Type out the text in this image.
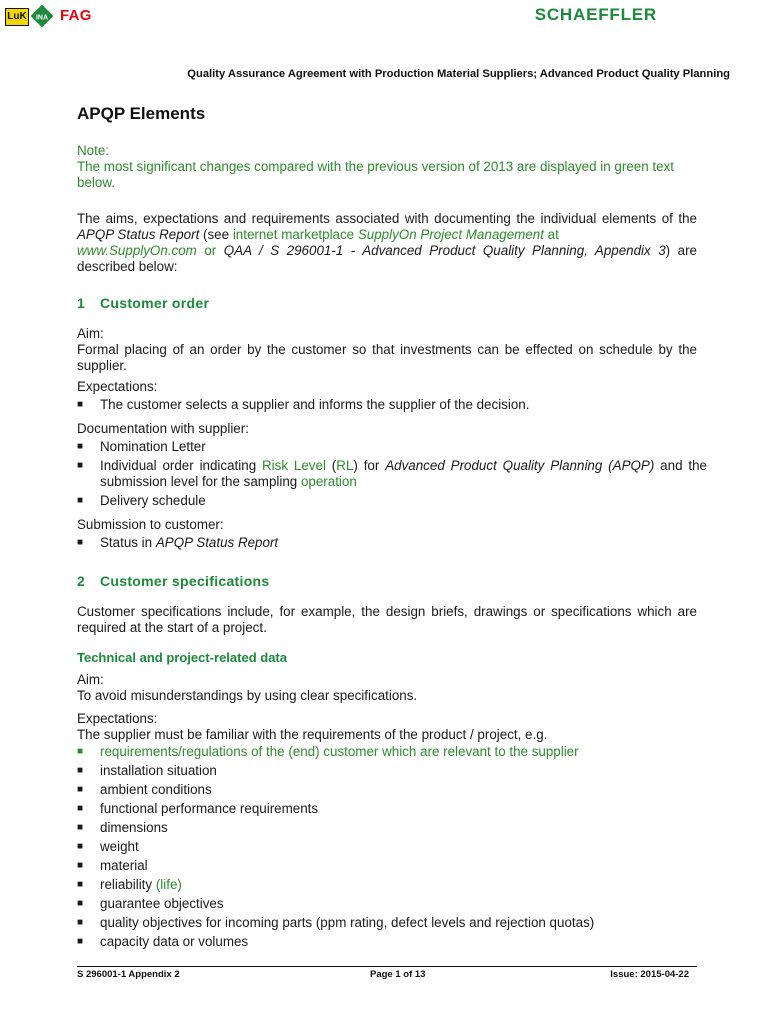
LuK	INA FAG	SCHAEFFLER
Quality Assurance Agreement with Production Material Suppliers; Advanced Product Quality Planning
APQP Elements
Note:
The most significant changes compared with the previous version of 2013 are displayed in green text below.
The aims, expectations and requirements associated with documenting the individual elements of the APQP Status Report (see internet marketplace SupplyOn Project Management at
www.SupplyOn.com or QAA / S 296001-1 - Advanced Product Quality Planning, Appendix 3) are described below:
1 Customer order
Aim:
Formal placing of an order by the customer so that investments can be effected on schedule by the supplier.
Expectations:
■ The customer selects a supplier and informs the supplier of the decision.
Documentation with supplier:
■ Nomination Letter
■ Individual order indicating Risk Level (RL) for Advanced Product Quality Planning (APQP) and the submission level for the sampling operation
■ Delivery schedule
Submission to customer:
■ Status in APQP Status Report
2 Customer specifications
Customer specifications include, for example, the design briefs, drawings or specifications which are required at the start of a project.
Technical and project-related data
Aim:
To avoid misunderstandings by using clear specifications.
Expectations:
The supplier must be familiar with the requirements of the product / project, e.g.
■ requirements/regulations of the (end) customer which are relevant to the supplier
■ installation situation
■ ambient conditions
■ functional performance requirements
■ dimensions
■ weight
■ material
■ reliability (life)
■ guarantee objectives
■ quality objectives for incoming parts (ppm rating, defect levels and rejection quotas)
■ capacity data or volumes
S 296001-1 Appendix 2	Page 1 of 13	Issue: 2015-04-22
